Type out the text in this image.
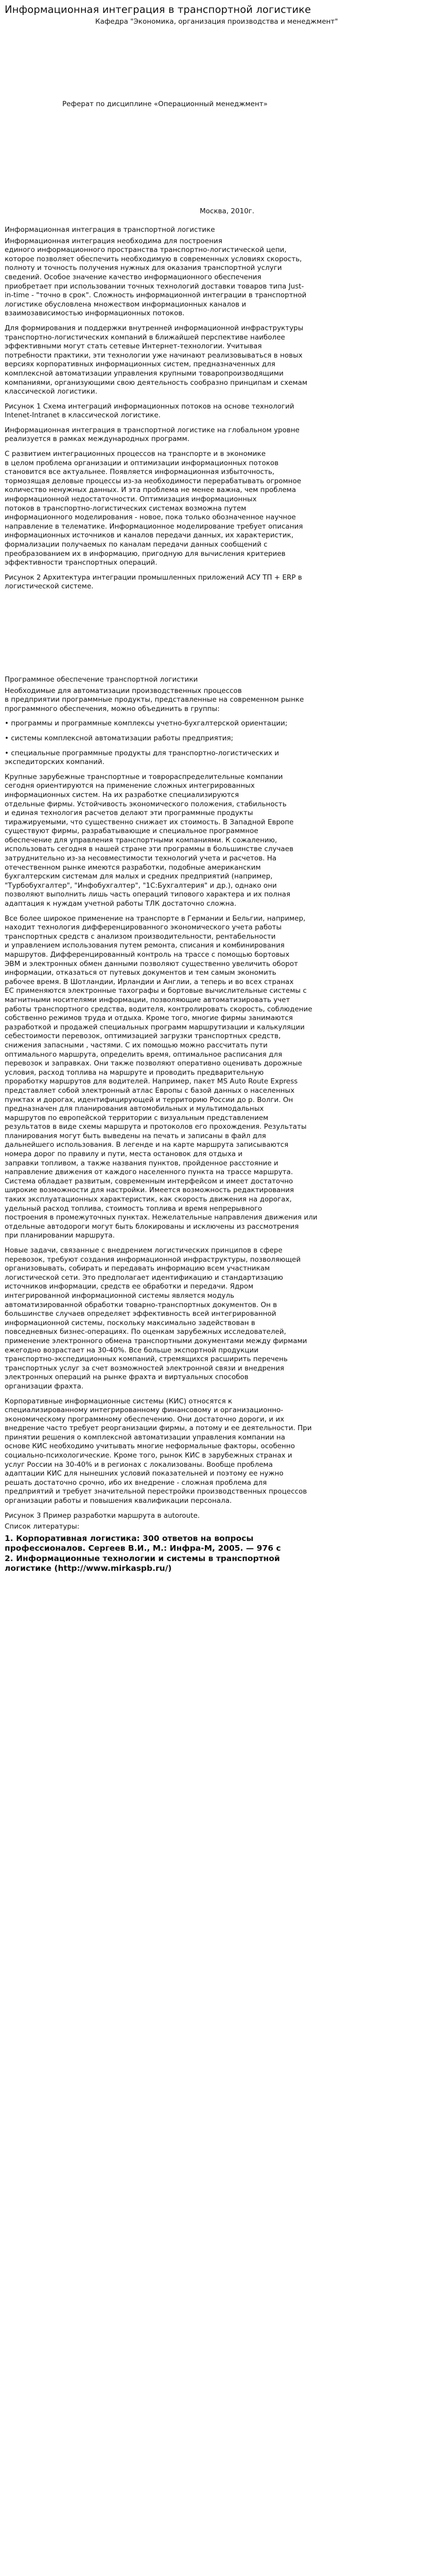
Информационная интеграция в транспортной логистике
Кафедра "Экономика, организация производства и менеджмент"
Реферат по дисциплине «Операционный менеджмент»
Москва, 2010г.

Информационная интеграция в транспортной логистике

Информационная интеграция необходима для построения
единого информационного пространства транспортно-логистической цепи,
которое позволяет обеспечить необходимую в современных условиях скорость,
полноту и точность получения нужных для оказания транспортной услуги
сведений. Особое значение качество информационного обеспечения
приобретает при использовании точных технологий доставки товаров типа Just-
in-time - "точно в срок". Сложность информационной интеграции в транспортной
логистике обусловлена множеством информационных каналов и
взаимозависимостью информационных потоков.

Для формирования и поддержки внутренней информационной инфраструктуры
транспортно-логистических компаний в ближайшей перспективе наиболее
эффективными могут стать сетевые Интернет-технологии. Учитывая
потребности практики, эти технологии уже начинают реализовываться в новых
версиях корпоративных информационных систем, предназначенных для
комплексной автоматизации управления крупными товаропроизводящими
компаниями, организующими свою деятельность сообразно принципам и схемам
классической логистики.

Рисунок 1 Схема интеграций информационных потоков на основе технологий
Intenet-Intranet в классической логистике.

Информационная интеграция в транспортной логистике на глобальном уровне
реализуется в рамках международных программ.

С развитием интеграционных процессов на транспорте и в экономике
в целом проблема организации и оптимизации информационных потоков
становится все актуальнее. Появляется информационная избыточность,
тормозящая деловые процессы из-за необходимости перерабатывать огромное
количество ненужных данных. И эта проблема не менее важна, чем проблема
информационной недостаточности. Оптимизация информационных
потоков в транспортно-логистических системах возможна путем
информационного моделирования - новое, пока только обозначенное научное
направление в телематике. Информационное моделирование требует описания
информационных источников и каналов передачи данных, их характеристик,
формализации получаемых по каналам передачи данных сообщений с
преобразованием их в информацию, пригодную для вычисления критериев
эффективности транспортных операций.

Рисунок 2 Архитектура интеграции промышленных приложений АСУ ТП + ERP в
логистической системе.

Программное обеспечение транспортной логистики

Необходимые для автоматизации производственных процессов
в предприятии программные продукты, представленные на современном рынке
программного обеспечения, можно объединить в группы:

• программы и программные комплексы учетно-бухгалтерской ориентации;

• системы комплексной автоматизации работы предприятия;

• специальные программные продукты для транспортно-логистических и
экспедиторских компаний.

Крупные зарубежные транспортные и товрораспределительные компании
сегодня ориентируются на применение сложных интегрированных
информационных систем. На их разработке специализируются
отдельные фирмы. Устойчивость экономического положения, стабильность
и единая технология расчетов делают эти программные продукты
тиражируемыми, что существенно снижает их стоимость. В Западной Европе
существуют фирмы, разрабатывающие и специальное программное
обеспечение для управления транспортными компаниями. К сожалению,
использовать сегодня в нашей стране эти программы в большинстве случаев
затруднительно из-за несовместимости технологий учета и расчетов. На
отечественном рынке имеются разработки, подобные американским
бухгалтерским системам для малых и средних предприятий (например,
"Турбобухгалтер", "Инфобухгалтер", "1С:Бухгалтерия" и др.), однако они
позволяют выполнить лишь часть операций типового характера и их полная
адаптация к нуждам учетной работы ТЛК достаточно сложна.

Все более широкое применение на транспорте в Германии и Бельгии, например,
находит технология дифференцированного экономического учета работы
транспортных средств с анализом производительности, рентабельности
и управлением использования путем ремонта, списания и комбинирования
маршрутов. Дифференцированный контроль на трассе с помощью бортовых
ЭВМ и электронных обмен данными позволяют существенно увеличить оборот
информации, отказаться от путевых документов и тем самым экономить
рабочее время. В Шотландии, Ирландии и Англии, а теперь и во всех странах
ЕС применяются электронные тахографы и бортовые вычислительные системы с
магнитными носителями информации, позволяющие автоматизировать учет
работы транспортного средства, водителя, контролировать скорость, соблюдение
собственно режимов труда и отдыха. Кроме того, многие фирмы занимаются
разработкой и продажей специальных программ маршрутизации и калькуляции
себестоимости перевозок, оптимизацией загрузки транспортных средств,
снижения запасными , частями. С их помощью можно рассчитать пути
оптимального маршрута, определить время, оптимальное расписания для
перевозок и заправках. Они также позволяют оперативно оценивать дорожные
условия, расход топлива на маршруте и проводить предварительную
проработку маршрутов для водителей. Например, пакет MS Auto Route Express
представляет собой электронный атлас Европы с базой данных о населенных
пунктах и дорогах, идентифицирующей и территорию России до р. Волги. Он
предназначен для планирования автомобильных и мультимодальных
маршрутов по европейской территории с визуальным представлением
результатов в виде схемы маршрута и протоколов его прохождения. Результаты
планирования могут быть выведены на печать и записаны в файл для
дальнейшего использования. В легенде и на карте маршрута записываются
номера дорог по правилу и пути, места остановок для отдыха и
заправки топливом, а также названия пунктов, пройденное расстояние и
направление движения от каждого населенного пункта на трассе маршрута.
Система обладает развитым, современным интерфейсом и имеет достаточно
широкие возможности для настройки. Имеется возможность редактирования
таких эксплуатационных характеристик, как скорость движения на дорогах,
удельный расход топлива, стоимость топлива и время непрерывного
построения в промежуточных пунктах. Нежелательные направления движения или
отдельные автодороги могут быть блокированы и исключены из рассмотрения
при планировании маршрута.

Новые задачи, связанные с внедрением логистических принципов в сфере
перевозок, требуют создания информационной инфраструктуры, позволяющей
организовывать, собирать и передавать информацию всем участникам
логистической сети. Это предполагает идентификацию и стандартизацию
источников информации, средств ее обработки и передачи. Ядром
интегрированной информационной системы является модуль
автоматизированной обработки товарно-транспортных документов. Он в
большинстве случаев определяет эффективность всей интегрированной
информационной системы, поскольку максимально задействован в
повседневных бизнес-операциях. По оценкам зарубежных исследователей,
применение электронного обмена транспортными документами между фирмами
ежегодно возрастает на 30-40%. Все больше экспортной продукции
транспортно-экспедиционных компаний, стремящихся расширить перечень
транспортных услуг за счет возможностей электронной связи и внедрения
электронных операций на рынке фрахта и виртуальных способов
организации фрахта.

Корпоративные информационные системы (КИС) относятся к
специализированному интегрированному финансовому и организационно-
экономическому программному обеспечению. Они достаточно дороги, и их
внедрение часто требует реорганизации фирмы, а потому и ее деятельности. При
принятии решения о комплексной автоматизации управления компании на
основе КИС необходимо учитывать многие неформальные факторы, особенно
социально-психологические. Кроме того, рынок КИС в зарубежных странах и
услуг России на 30-40% и в регионах с локализованы. Вообще проблема
адаптации КИС для нынешних условий показательней и поэтому ее нужно
решать достаточно срочно, ибо их внедрение - сложная проблема для
предприятий и требует значительной перестройки производственных процессов
организации работы и повышения квалификации персонала.

Рисунок 3 Пример разработки маршрута в autoroute.

Список литературы:

1. Корпоративная логистика: 300 ответов на вопросы
профессионалов. Сергеев В.И., М.: Инфра-М, 2005. — 976 с
2. Информационные технологии и системы в транспортной
логистике (http://www.mirkaspb.ru/)
